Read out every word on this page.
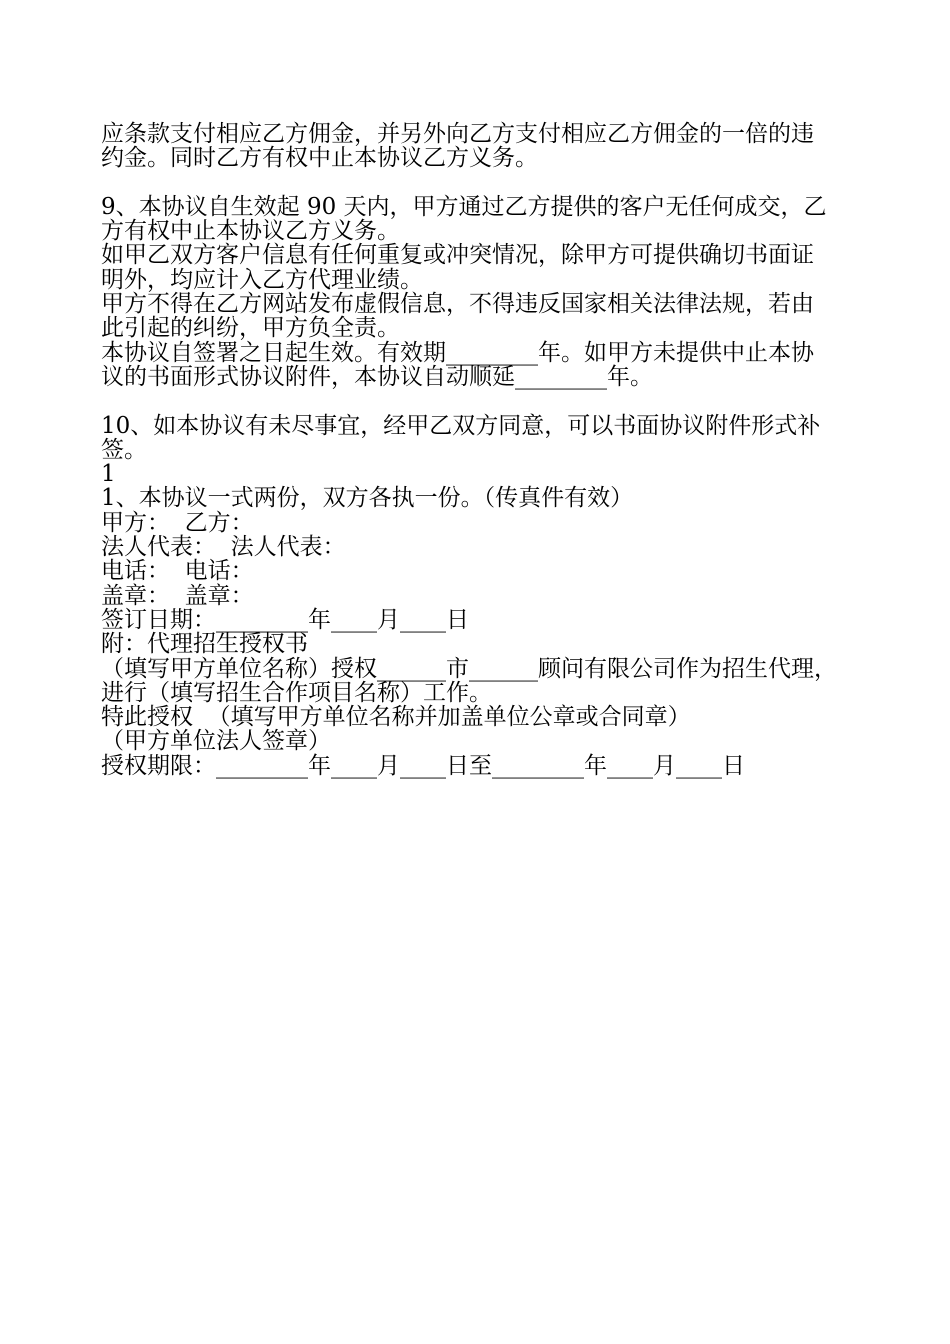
应条款支付相应乙方佣金，并另外向乙方支付相应乙方佣金的一倍的违
约金。同时乙方有权中止本协议乙方义务。
9、本协议自生效起 90 天内，甲方通过乙方提供的客户无任何成交，乙
方有权中止本协议乙方义务。
如甲乙双方客户信息有任何重复或冲突情况，除甲方可提供确切书面证
明外，均应计入乙方代理业绩。
甲方不得在乙方网站发布虚假信息，不得违反国家相关法律法规，若由
此引起的纠纷，甲方负全责。
本协议自签署之日起生效。有效期________年。如甲方未提供中止本协
议的书面形式协议附件，本协议自动顺延________年。
10、如本协议有未尽事宜，经甲乙双方同意，可以书面协议附件形式补
签。
1
1、本协议一式两份，双方各执一份。（传真件有效）
甲方：  乙方：
法人代表：  法人代表：
电话：  电话：
盖章：  盖章：
签订日期：________年____月____日
附：代理招生授权书
（填写甲方单位名称）授权______市______顾问有限公司作为招生代理，
进行（填写招生合作项目名称）工作。
特此授权  （填写甲方单位名称并加盖单位公章或合同章）
（甲方单位法人签章）
授权期限：________年____月____日至________年____月____日
